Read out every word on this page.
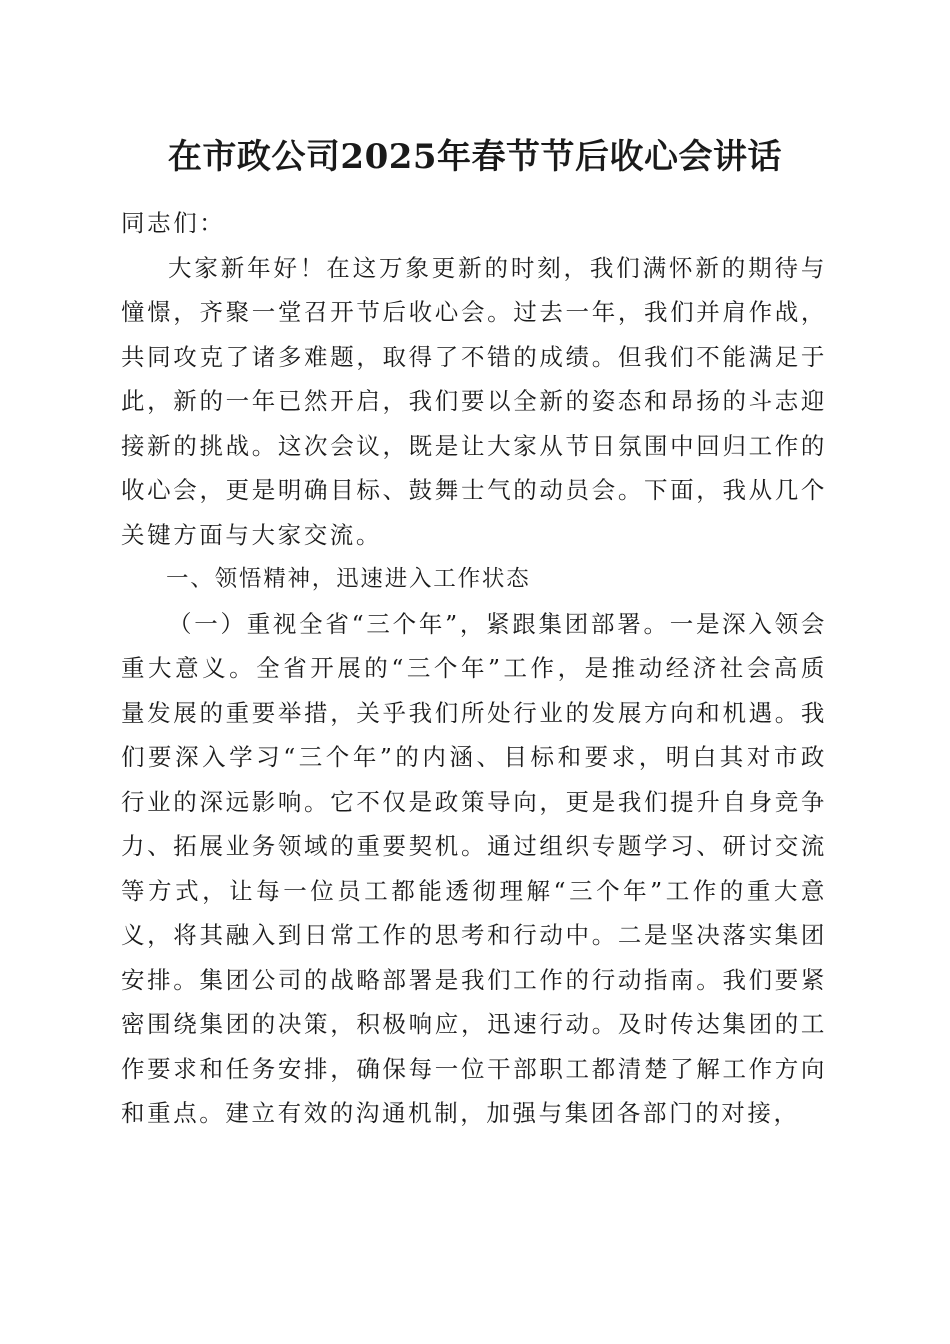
在市政公司2025年春节节后收心会讲话

同志们：

大家新年好！在这万象更新的时刻，我们满怀新的期待与憧憬，齐聚一堂召开节后收心会。过去一年，我们并肩作战，共同攻克了诸多难题，取得了不错的成绩。但我们不能满足于此，新的一年已然开启，我们要以全新的姿态和昂扬的斗志迎接新的挑战。这次会议，既是让大家从节日氛围中回归工作的收心会，更是明确目标、鼓舞士气的动员会。下面，我从几个关键方面与大家交流。

一、领悟精神，迅速进入工作状态

（一）重视全省“三个年”，紧跟集团部署。一是深入领会重大意义。全省开展的“三个年”工作，是推动经济社会高质量发展的重要举措，关乎我们所处行业的发展方向和机遇。我们要深入学习“三个年”的内涵、目标和要求，明白其对市政行业的深远影响。它不仅是政策导向，更是我们提升自身竞争力、拓展业务领域的重要契机。通过组织专题学习、研讨交流等方式，让每一位员工都能透彻理解“三个年”工作的重大意义，将其融入到日常工作的思考和行动中。二是坚决落实集团安排。集团公司的战略部署是我们工作的行动指南。我们要紧密围绕集团的决策，积极响应，迅速行动。及时传达集团的工作要求和任务安排，确保每一位干部职工都清楚了解工作方向和重点。建立有效的沟通机制，加强与集团各部门的对接，
